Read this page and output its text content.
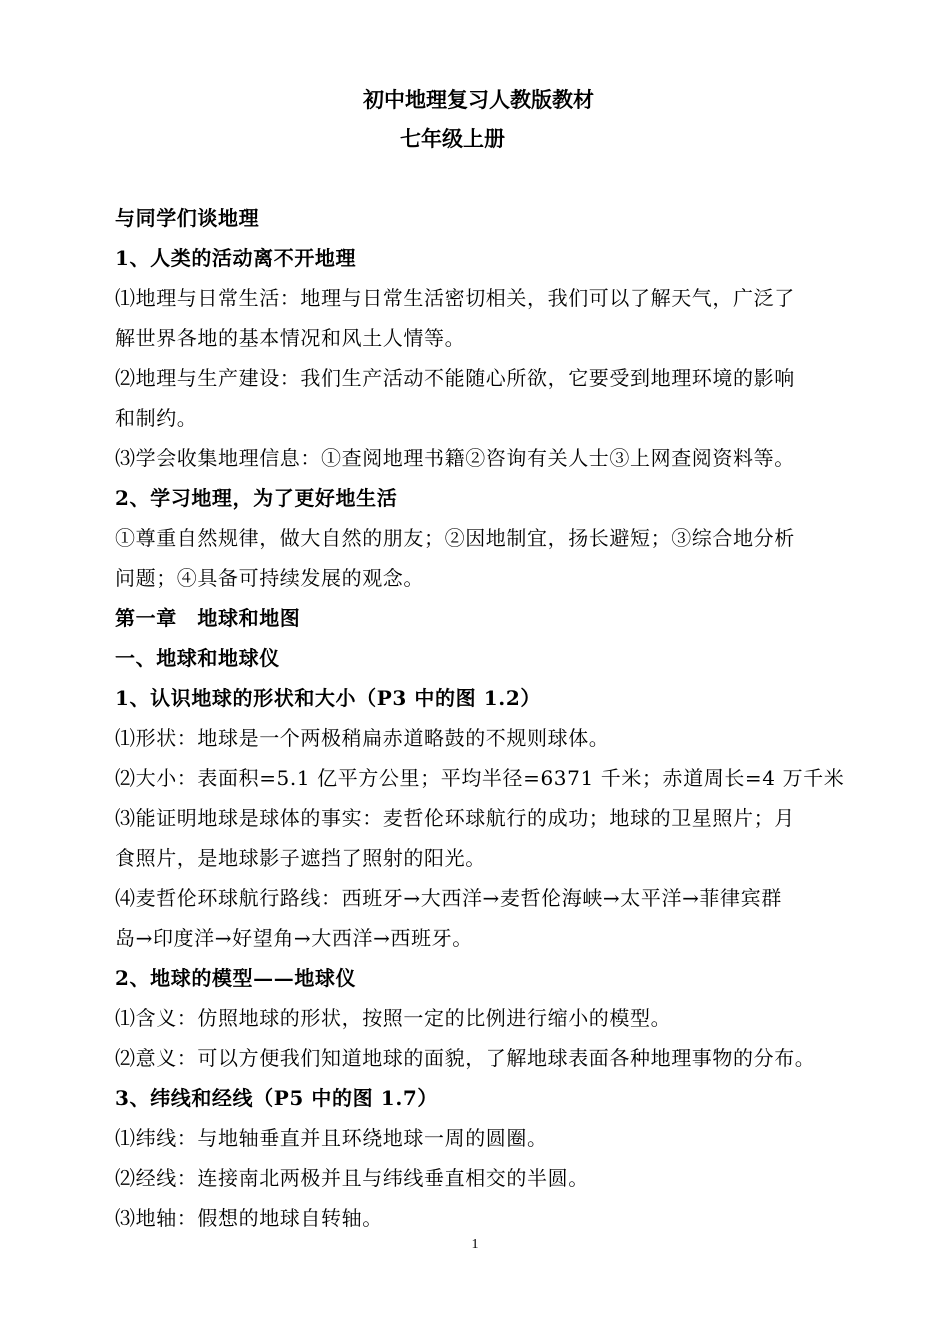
初中地理复习人教版教材
七年级上册
与同学们谈地理
1、人类的活动离不开地理
⑴地理与日常生活：地理与日常生活密切相关，我们可以了解天气，广泛了
解世界各地的基本情况和风土人情等。
⑵地理与生产建设：我们生产活动不能随心所欲，它要受到地理环境的影响
和制约。
⑶学会收集地理信息：①查阅地理书籍②咨询有关人士③上网查阅资料等。
2、学习地理，为了更好地生活
①尊重自然规律，做大自然的朋友；②因地制宜，扬长避短；③综合地分析
问题；④具备可持续发展的观念。
第一章　地球和地图
一、地球和地球仪
1、认识地球的形状和大小（P3 中的图 1.2）
⑴形状：地球是一个两极稍扁赤道略鼓的不规则球体。
⑵大小：表面积=5.1 亿平方公里；平均半径=6371 千米；赤道周长=4 万千米
⑶能证明地球是球体的事实：麦哲伦环球航行的成功；地球的卫星照片；月
食照片，是地球影子遮挡了照射的阳光。
⑷麦哲伦环球航行路线：西班牙→大西洋→麦哲伦海峡→太平洋→菲律宾群
岛→印度洋→好望角→大西洋→西班牙。
2、地球的模型——地球仪
⑴含义：仿照地球的形状，按照一定的比例进行缩小的模型。
⑵意义：可以方便我们知道地球的面貌，了解地球表面各种地理事物的分布。
3、纬线和经线（P5 中的图 1.7）
⑴纬线：与地轴垂直并且环绕地球一周的圆圈。
⑵经线：连接南北两极并且与纬线垂直相交的半圆。
⑶地轴：假想的地球自转轴。
1
